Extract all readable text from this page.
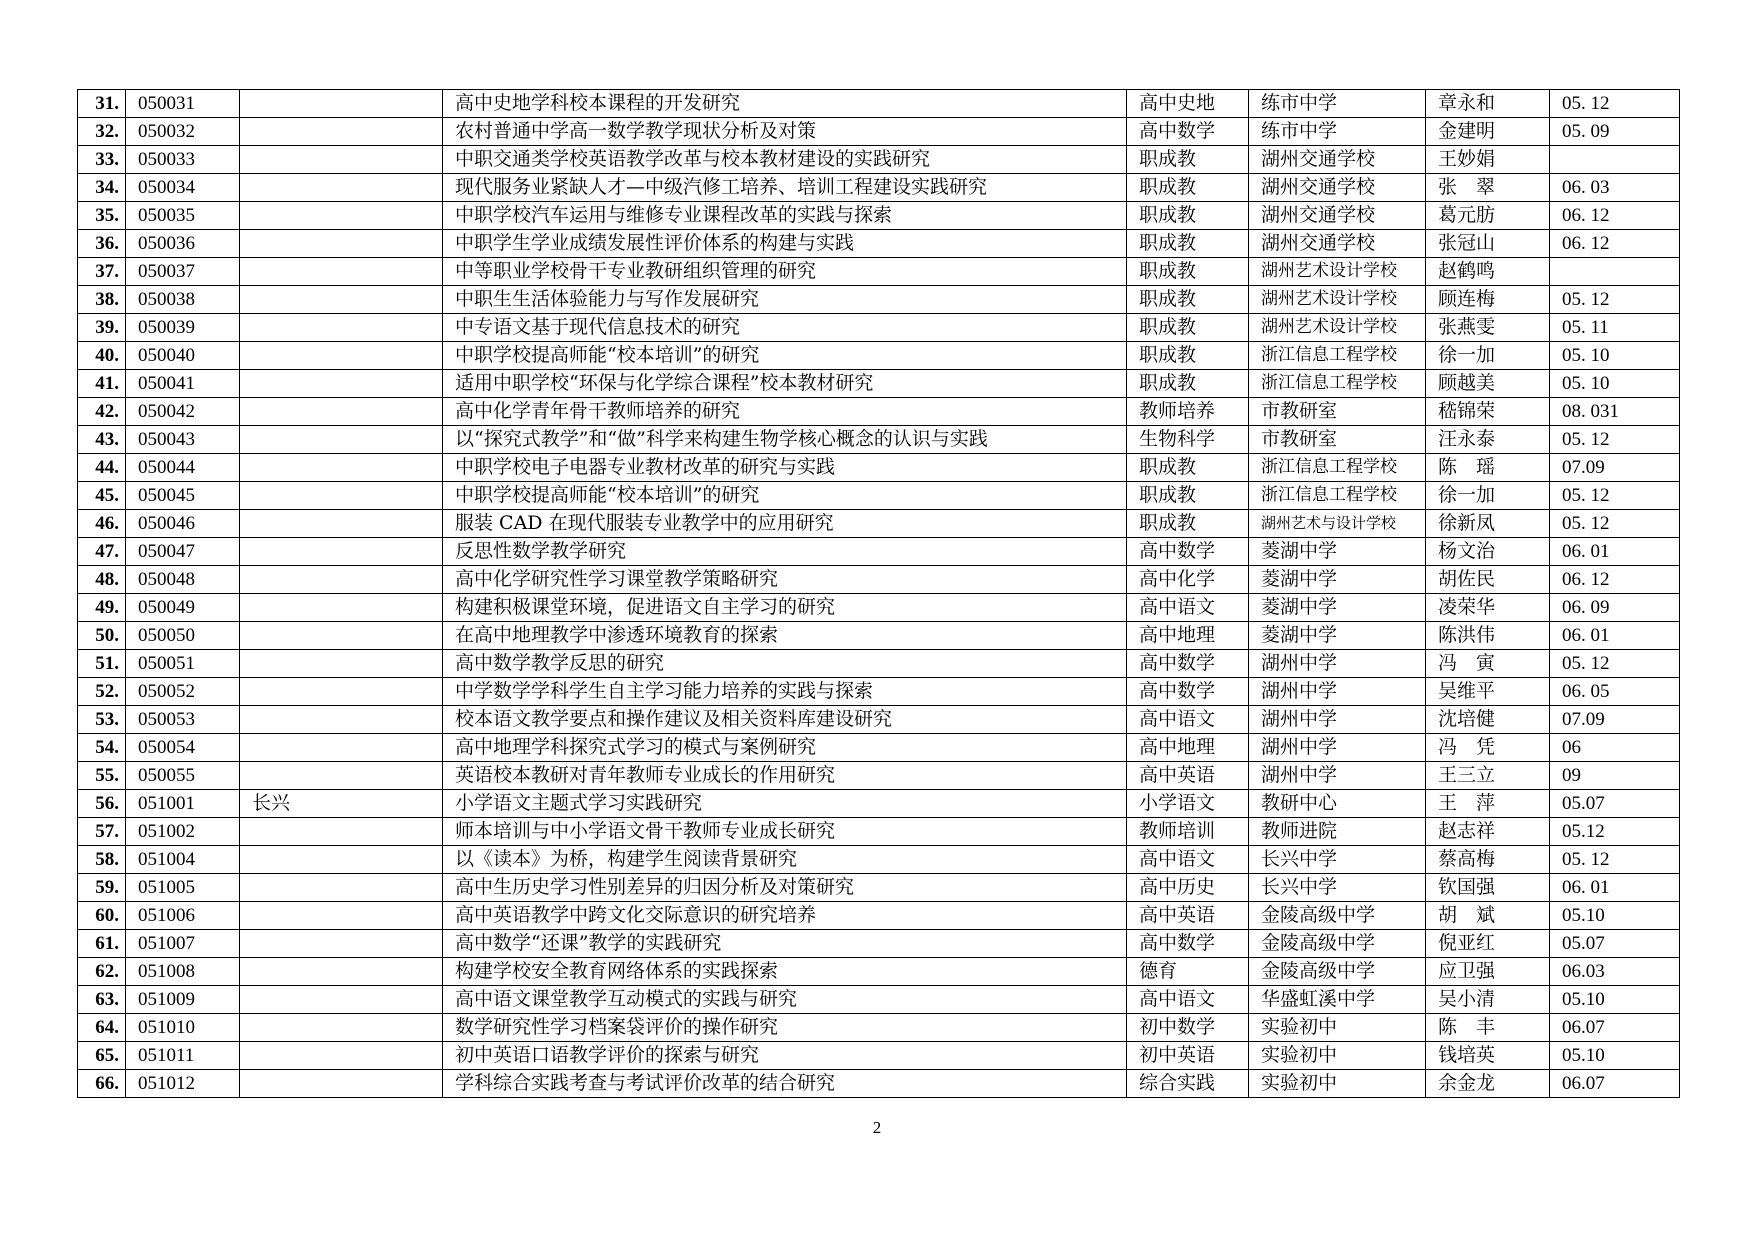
31.	050031		高中史地学科校本课程的开发研究	高中史地	练市中学	章永和	05. 12
32.	050032		农村普通中学高一数学教学现状分析及对策	高中数学	练市中学	金建明	05. 09
33.	050033		中职交通类学校英语教学改革与校本教材建设的实践研究	职成教	湖州交通学校	王妙娟	
34.	050034		现代服务业紧缺人才—中级汽修工培养、培训工程建设实践研究	职成教	湖州交通学校	张　翠	06. 03
35.	050035		中职学校汽车运用与维修专业课程改革的实践与探索	职成教	湖州交通学校	葛元肪	06. 12
36.	050036		中职学生学业成绩发展性评价体系的构建与实践	职成教	湖州交通学校	张冠山	06. 12
37.	050037		中等职业学校骨干专业教研组织管理的研究	职成教	湖州艺术设计学校	赵鹤鸣	
38.	050038		中职生生活体验能力与写作发展研究	职成教	湖州艺术设计学校	顾连梅	05. 12
39.	050039		中专语文基于现代信息技术的研究	职成教	湖州艺术设计学校	张燕雯	05. 11
40.	050040		中职学校提高师能“校本培训”的研究	职成教	浙江信息工程学校	徐一加	05. 10
41.	050041		适用中职学校“环保与化学综合课程”校本教材研究	职成教	浙江信息工程学校	顾越美	05. 10
42.	050042		高中化学青年骨干教师培养的研究	教师培养	市教研室	嵇锦荣	08. 031
43.	050043		以“探究式教学”和“做”科学来构建生物学核心概念的认识与实践	生物科学	市教研室	汪永泰	05. 12
44.	050044		中职学校电子电器专业教材改革的研究与实践	职成教	浙江信息工程学校	陈　瑶	07.09
45.	050045		中职学校提高师能“校本培训”的研究	职成教	浙江信息工程学校	徐一加	05. 12
46.	050046		服装 CAD 在现代服装专业教学中的应用研究	职成教	湖州艺术与设计学校	徐新凤	05. 12
47.	050047		反思性数学教学研究	高中数学	菱湖中学	杨文治	06. 01
48.	050048		高中化学研究性学习课堂教学策略研究	高中化学	菱湖中学	胡佐民	06. 12
49.	050049		构建积极课堂环境，促进语文自主学习的研究	高中语文	菱湖中学	凌荣华	06. 09
50.	050050		在高中地理教学中渗透环境教育的探索	高中地理	菱湖中学	陈洪伟	06. 01
51.	050051		高中数学教学反思的研究	高中数学	湖州中学	冯　寅	05. 12
52.	050052		中学数学学科学生自主学习能力培养的实践与探索	高中数学	湖州中学	吴维平	06. 05
53.	050053		校本语文教学要点和操作建议及相关资料库建设研究	高中语文	湖州中学	沈培健	07.09
54.	050054		高中地理学科探究式学习的模式与案例研究	高中地理	湖州中学	冯　凭	06
55.	050055		英语校本教研对青年教师专业成长的作用研究	高中英语	湖州中学	王三立	09
56.	051001	长兴	小学语文主题式学习实践研究	小学语文	教研中心	王　萍	05.07
57.	051002		师本培训与中小学语文骨干教师专业成长研究	教师培训	教师进院	赵志祥	05.12
58.	051004		以《读本》为桥，构建学生阅读背景研究	高中语文	长兴中学	蔡高梅	05. 12
59.	051005		高中生历史学习性别差异的归因分析及对策研究	高中历史	长兴中学	钦国强	06. 01
60.	051006		高中英语教学中跨文化交际意识的研究培养	高中英语	金陵高级中学	胡　斌	05.10
61.	051007		高中数学“还课”教学的实践研究	高中数学	金陵高级中学	倪亚红	05.07
62.	051008		构建学校安全教育网络体系的实践探索	德育	金陵高级中学	应卫强	06.03
63.	051009		高中语文课堂教学互动模式的实践与研究	高中语文	华盛虹溪中学	吴小清	05.10
64.	051010		数学研究性学习档案袋评价的操作研究	初中数学	实验初中	陈　丰	06.07
65.	051011		初中英语口语教学评价的探索与研究	初中英语	实验初中	钱培英	05.10
66.	051012		学科综合实践考查与考试评价改革的结合研究	综合实践	实验初中	余金龙	06.07
2
